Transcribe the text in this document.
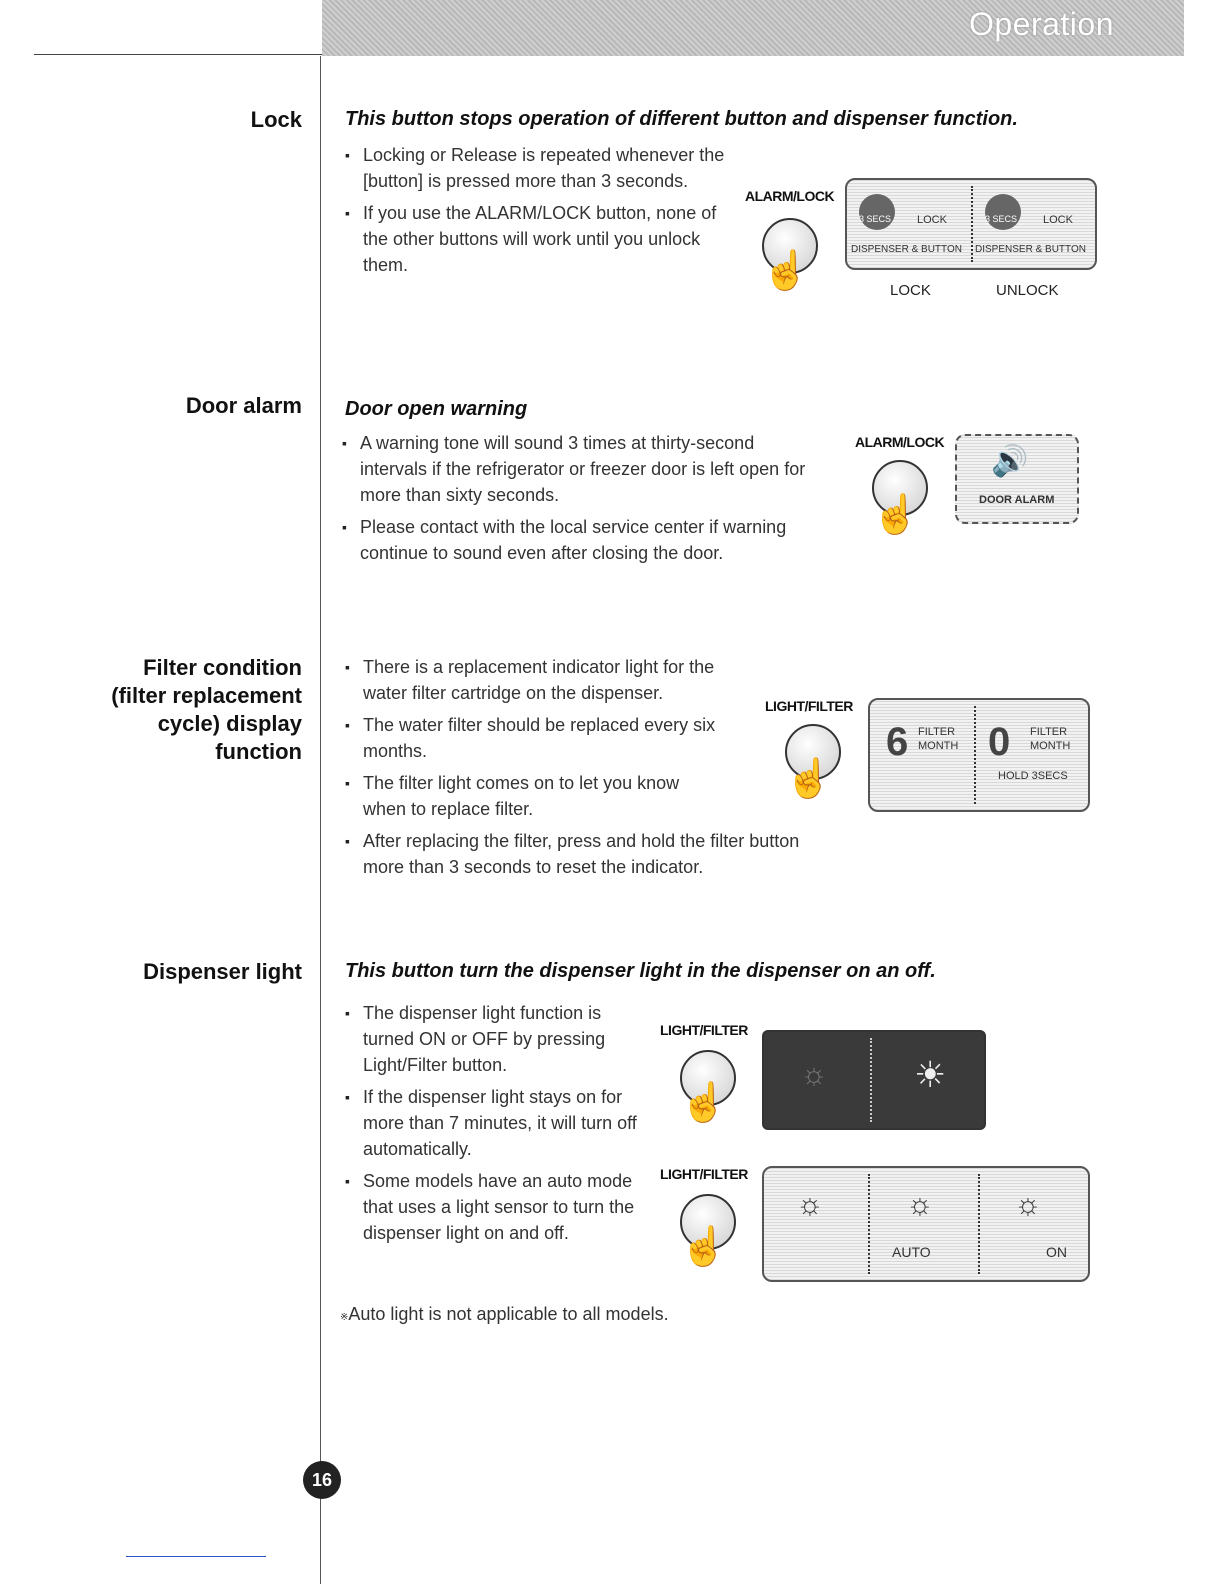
Operation
Lock This button stops operation of different button and dispenser function.
▪ Locking or Release is repeated whenever the [button] is pressed more than 3 seconds.
▪ If you use the ALARM/LOCK button, none of the other buttons will work until you unlock them.
ALARM/LOCK
☝
3 SECS LOCK
DISPENSER & BUTTON
3 SECS LOCK
DISPENSER & BUTTON
LOCK	UNLOCK
Door alarm Door open warning
▪ A warning tone will sound 3 times at thirty-second intervals if the refrigerator or freezer door is left open for more than sixty seconds.
▪ Please contact with the local service center if warning continue to sound even after closing the door.
ALARM/LOCK
☝
🔊
DOOR ALARM
Filter condition
(filter replacement
cycle) display
function
▪ There is a replacement indicator light for the water filter cartridge on the dispenser.
▪ The water filter should be replaced every six months.
▪ The filter light comes on to let you know when to replace filter.
▪ After replacing the filter, press and hold the filter button more than 3 seconds to reset the indicator.
LIGHT/FILTER
☝
6 FILTER
MONTH 0 FILTER
MONTH
HOLD 3SECS
Dispenser light This button turn the dispenser light in the dispenser on an off.
▪ The dispenser light function is turned ON or OFF by pressing Light/Filter button.
▪ If the dispenser light stays on for more than 7 minutes, it will turn off automatically.
▪ Some models have an auto mode that uses a light sensor to turn the dispenser light on and off.
LIGHT/FILTER
☝
☼ ☀
LIGHT/FILTER
☝
☼	☼
AUTO
☼
ON
※Auto light is not applicable to all models.
16
